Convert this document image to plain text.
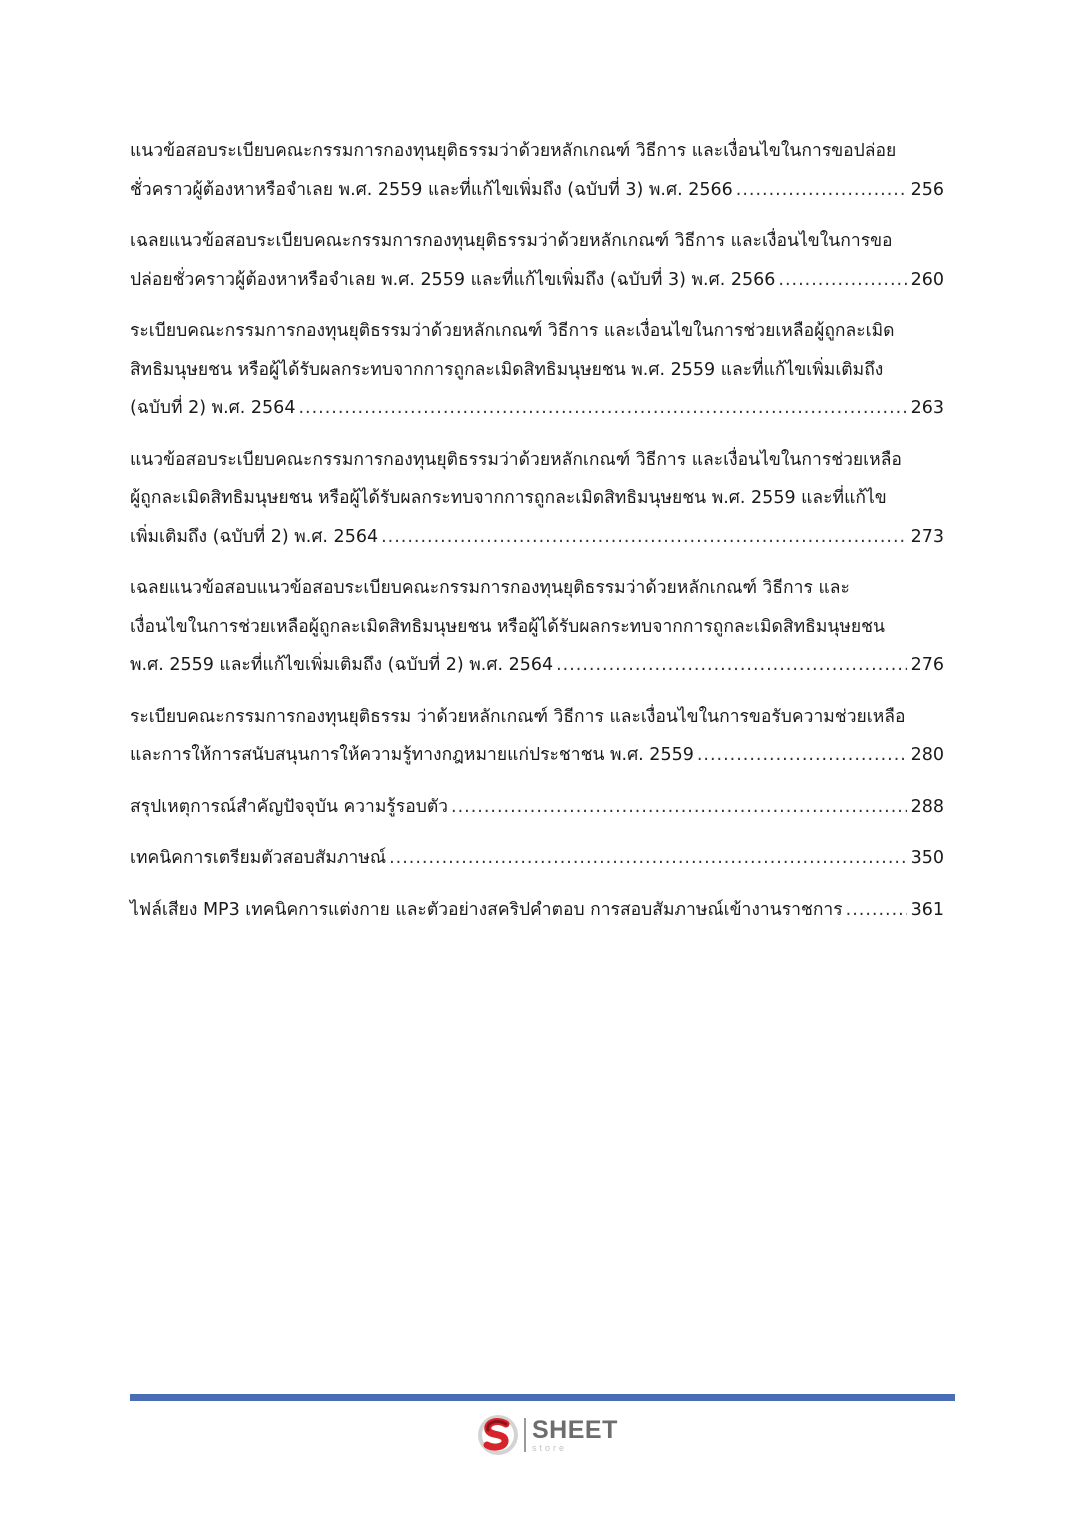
แนวข้อสอบระเบียบคณะกรรมการกองทุนยุติธรรมว่าด้วยหลักเกณฑ์ วิธีการ และเงื่อนไขในการขอปล่อย
ชั่วคราวผู้ต้องหาหรือจำเลย พ.ศ. 2559 และที่แก้ไขเพิ่มถึง (ฉบับที่ 3) พ.ศ. 2566 .....	256
เฉลยแนวข้อสอบระเบียบคณะกรรมการกองทุนยุติธรรมว่าด้วยหลักเกณฑ์ วิธีการ และเงื่อนไขในการขอ
ปล่อยชั่วคราวผู้ต้องหาหรือจำเลย พ.ศ. 2559 และที่แก้ไขเพิ่มถึง (ฉบับที่ 3) พ.ศ. 2566 .....	260
ระเบียบคณะกรรมการกองทุนยุติธรรมว่าด้วยหลักเกณฑ์ วิธีการ และเงื่อนไขในการช่วยเหลือผู้ถูกละเมิด
สิทธิมนุษยชน หรือผู้ได้รับผลกระทบจากการถูกละเมิดสิทธิมนุษยชน พ.ศ. 2559 และที่แก้ไขเพิ่มเติมถึง
(ฉบับที่ 2) พ.ศ. 2564 .....	263
แนวข้อสอบระเบียบคณะกรรมการกองทุนยุติธรรมว่าด้วยหลักเกณฑ์ วิธีการ และเงื่อนไขในการช่วยเหลือ
ผู้ถูกละเมิดสิทธิมนุษยชน หรือผู้ได้รับผลกระทบจากการถูกละเมิดสิทธิมนุษยชน พ.ศ. 2559 และที่แก้ไข
เพิ่มเติมถึง (ฉบับที่ 2) พ.ศ. 2564 .....	273
เฉลยแนวข้อสอบแนวข้อสอบระเบียบคณะกรรมการกองทุนยุติธรรมว่าด้วยหลักเกณฑ์ วิธีการ และ
เงื่อนไขในการช่วยเหลือผู้ถูกละเมิดสิทธิมนุษยชน หรือผู้ได้รับผลกระทบจากการถูกละเมิดสิทธิมนุษยชน
พ.ศ. 2559 และที่แก้ไขเพิ่มเติมถึง (ฉบับที่ 2) พ.ศ. 2564 .....	276
ระเบียบคณะกรรมการกองทุนยุติธรรม ว่าด้วยหลักเกณฑ์ วิธีการ และเงื่อนไขในการขอรับความช่วยเหลือ
และการให้การสนับสนุนการให้ความรู้ทางกฎหมายแก่ประชาชน พ.ศ. 2559 .....	280
สรุปเหตุการณ์สำคัญปัจจุบัน ความรู้รอบตัว .....	288
เทคนิคการเตรียมตัวสอบสัมภาษณ์ .....	350
ไฟล์เสียง MP3 เทคนิคการแต่งกาย และตัวอย่างสคริปคำตอบ การสอบสัมภาษณ์เข้างานราชการ .....	361
SHEET
store
